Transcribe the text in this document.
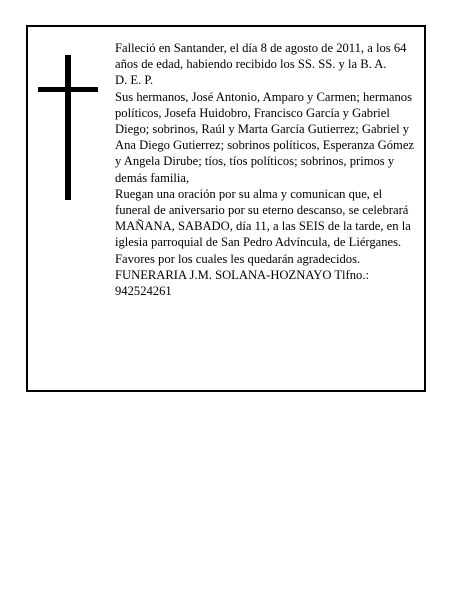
Falleció en Santander, el día 8 de agosto de 2011, a los 64 años de edad, habiendo recibido los SS. SS. y la B. A.

D. E. P.

Sus hermanos, José Antonio, Amparo y Carmen; hermanos políticos, Josefa Huidobro, Francisco García y Gabriel Diego; sobrinos, Raúl y Marta García Gutierrez; Gabriel y Ana Diego Gutierrez; sobrinos políticos, Esperanza Gómez y Angela Dirube; tíos, tíos políticos; sobrinos, primos y demás familia,

Ruegan una oración por su alma y comunican que, el funeral de aniversario por su eterno descanso, se celebrará MAÑANA, SABADO, día 11, a las SEIS de la tarde, en la iglesia parroquial de San Pedro Advíncula, de Liérganes. Favores por los cuales les quedarán agradecidos.

FUNERARIA J.M. SOLANA-HOZNAYO Tlfno.: 942524261
